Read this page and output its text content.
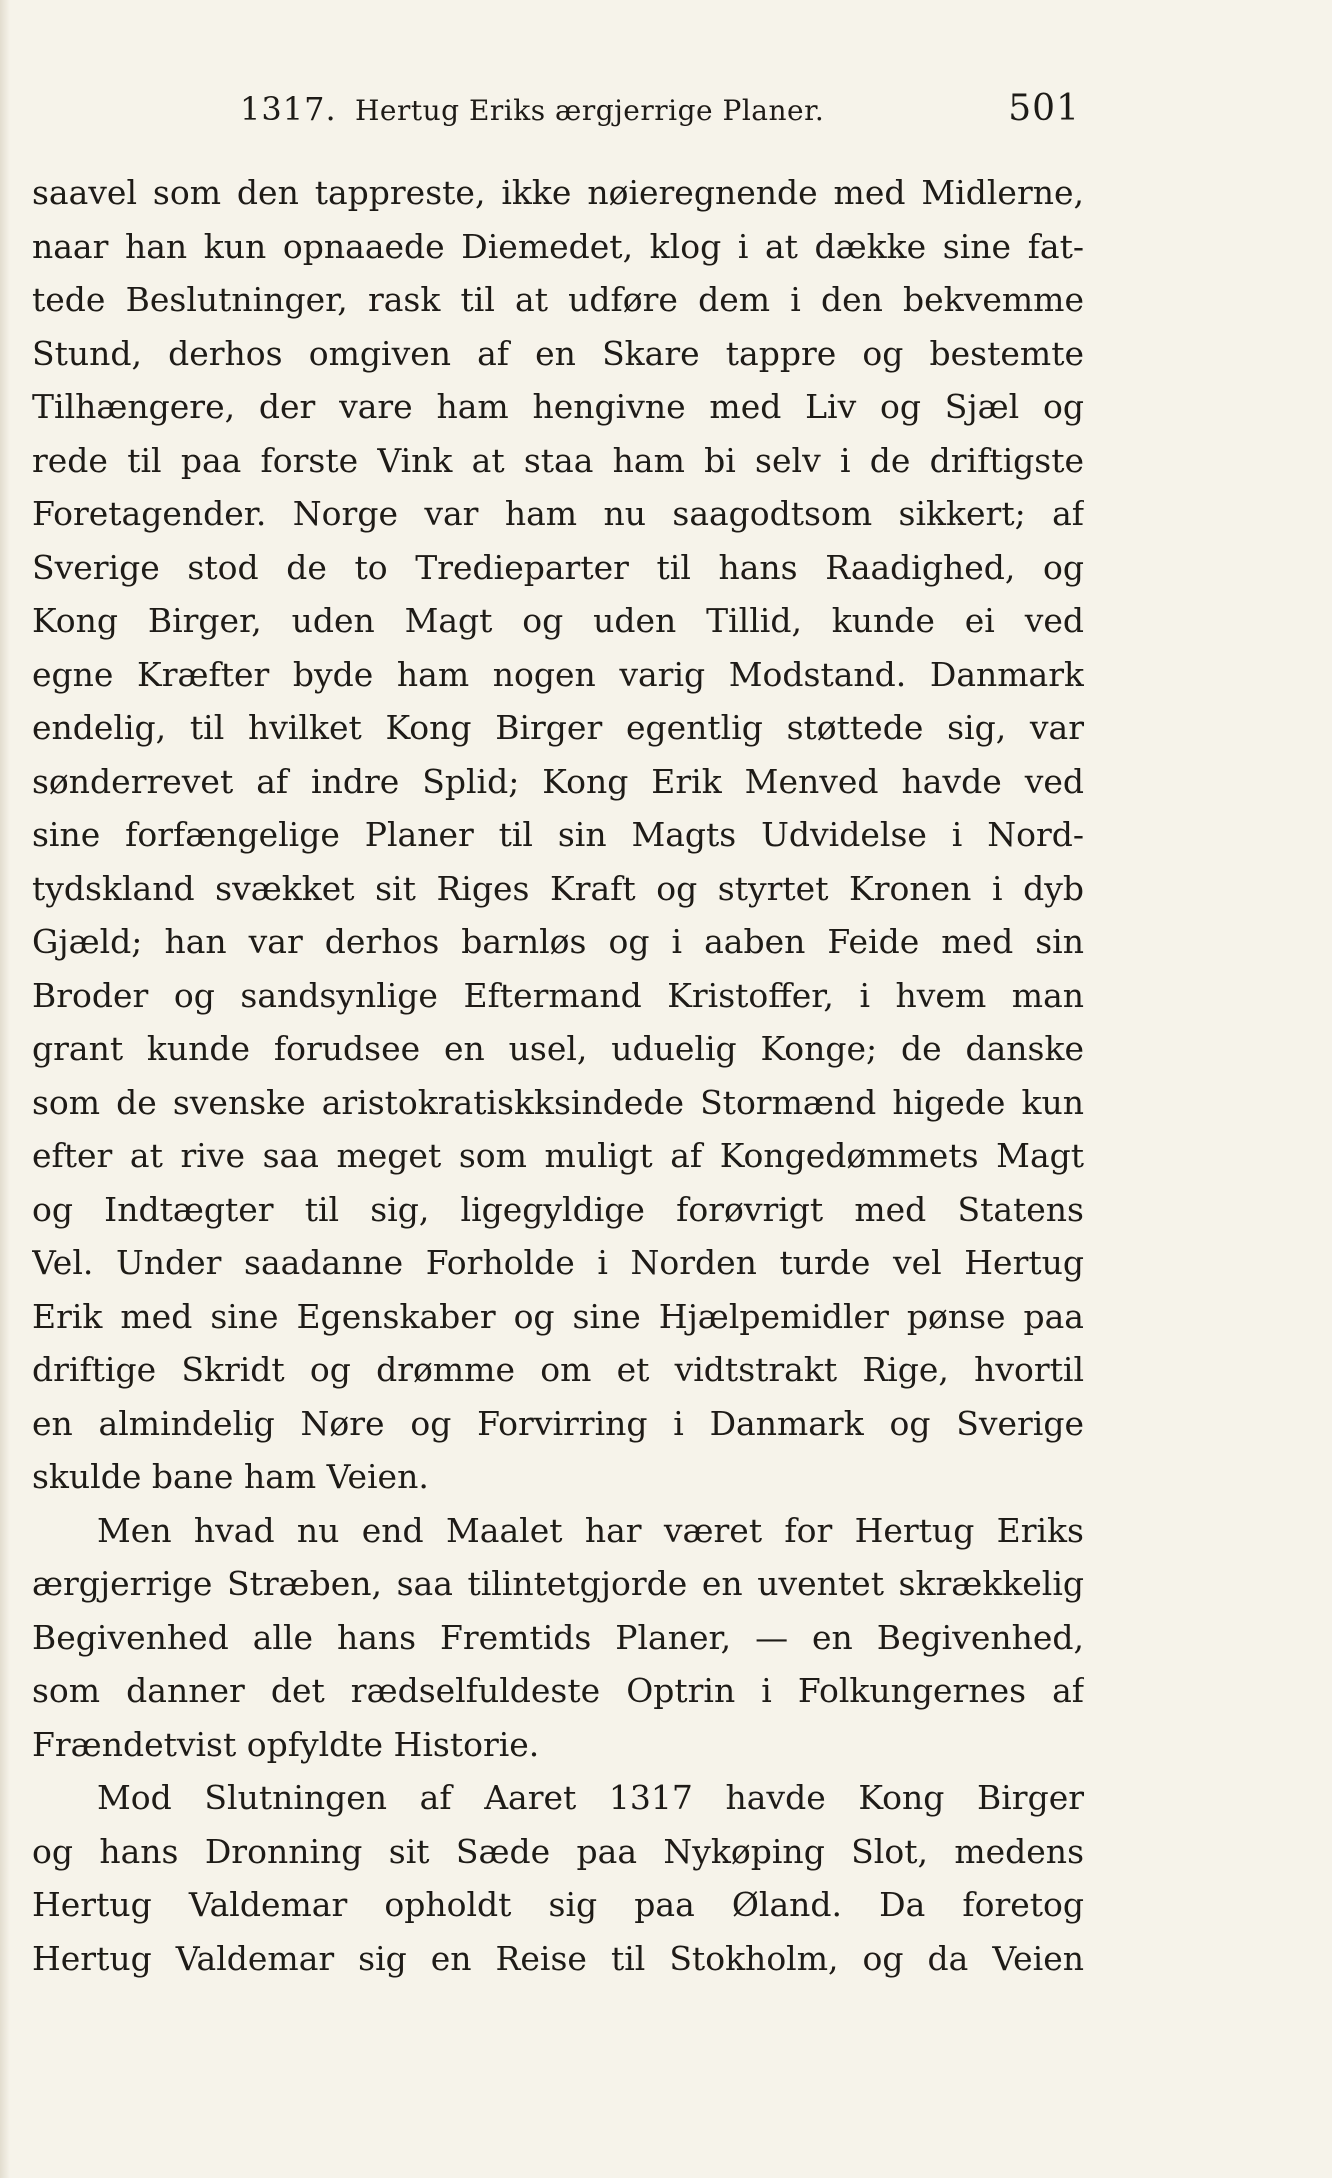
1317. Hertug Eriks ærgjerrige Planer.	501
saavel som den tappreste, ikke nøieregnende med Midlerne,
naar han kun opnaaede Diemedet, klog i at dække sine fat-
tede Beslutninger, rask til at udføre dem i den bekvemme
Stund, derhos omgiven af en Skare tappre og bestemte
Tilhængere, der vare ham hengivne med Liv og Sjæl og
rede til paa forste Vink at staa ham bi selv i de driftigste
Foretagender. Norge var ham nu saagodtsom sikkert; af
Sverige stod de to Tredieparter til hans Raadighed, og
Kong Birger, uden Magt og uden Tillid, kunde ei ved
egne Kræfter byde ham nogen varig Modstand. Danmark
endelig, til hvilket Kong Birger egentlig støttede sig, var
sønderrevet af indre Splid; Kong Erik Menved havde ved
sine forfængelige Planer til sin Magts Udvidelse i Nord-
tydskland svækket sit Riges Kraft og styrtet Kronen i dyb
Gjæld; han var derhos barnløs og i aaben Feide med sin
Broder og sandsynlige Eftermand Kristoffer, i hvem man
grant kunde forudsee en usel, uduelig Konge; de danske
som de svenske aristokratiskksindede Stormænd higede kun
efter at rive saa meget som muligt af Kongedømmets Magt
og Indtægter til sig, ligegyldige forøvrigt med Statens
Vel. Under saadanne Forholde i Norden turde vel Hertug
Erik med sine Egenskaber og sine Hjælpemidler pønse paa
driftige Skridt og drømme om et vidtstrakt Rige, hvortil
en almindelig Nøre og Forvirring i Danmark og Sverige
skulde bane ham Veien.
Men hvad nu end Maalet har været for Hertug Eriks
ærgjerrige Stræben, saa tilintetgjorde en uventet skrækkelig
Begivenhed alle hans Fremtids Planer, — en Begivenhed,
som danner det rædselfuldeste Optrin i Folkungernes af
Frændetvist opfyldte Historie.
Mod Slutningen af Aaret 1317 havde Kong Birger
og hans Dronning sit Sæde paa Nykøping Slot, medens
Hertug Valdemar opholdt sig paa Øland. Da foretog
Hertug Valdemar sig en Reise til Stokholm, og da Veien
